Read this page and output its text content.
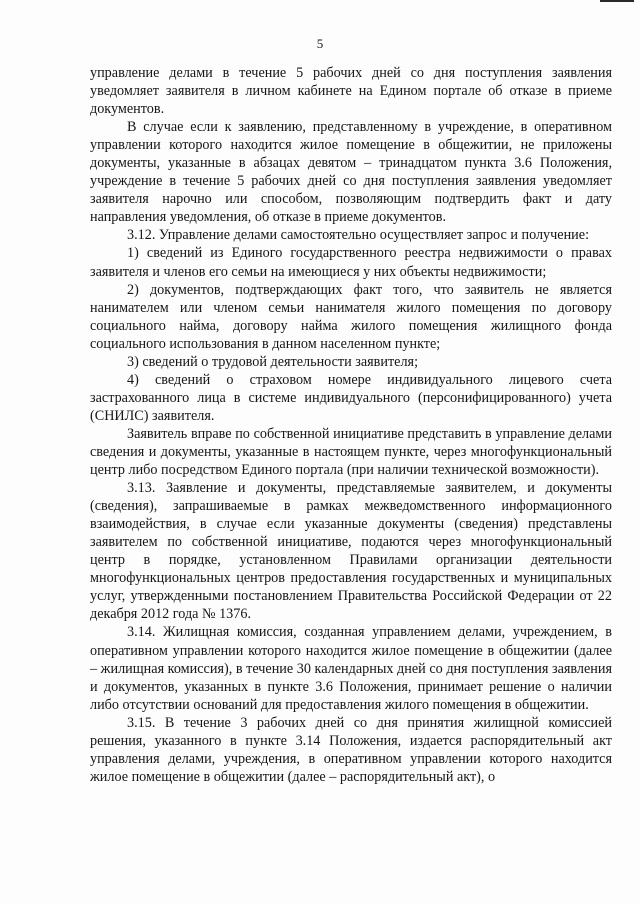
5

управление делами в течение 5 рабочих дней со дня поступления заявления уведомляет заявителя в личном кабинете на Едином портале об отказе в приеме документов.

В случае если к заявлению, представленному в учреждение, в оперативном управлении которого находится жилое помещение в общежитии, не приложены документы, указанные в абзацах девятом – тринадцатом пункта 3.6 Положения, учреждение в течение 5 рабочих дней со дня поступления заявления уведомляет заявителя нарочно или способом, позволяющим подтвердить факт и дату направления уведомления, об отказе в приеме документов.

3.12. Управление делами самостоятельно осуществляет запрос и получение:

1) сведений из Единого государственного реестра недвижимости о правах заявителя и членов его семьи на имеющиеся у них объекты недвижимости;

2) документов, подтверждающих факт того, что заявитель не является нанимателем или членом семьи нанимателя жилого помещения по договору социального найма, договору найма жилого помещения жилищного фонда социального использования в данном населенном пункте;

3) сведений о трудовой деятельности заявителя;

4) сведений о страховом номере индивидуального лицевого счета застрахованного лица в системе индивидуального (персонифицированного) учета (СНИЛС) заявителя.

Заявитель вправе по собственной инициативе представить в управление делами сведения и документы, указанные в настоящем пункте, через многофункциональный центр либо посредством Единого портала (при наличии технической возможности).

3.13. Заявление и документы, представляемые заявителем, и документы (сведения), запрашиваемые в рамках межведомственного информационного взаимодействия, в случае если указанные документы (сведения) представлены заявителем по собственной инициативе, подаются через многофункциональный центр в порядке, установленном Правилами организации деятельности многофункциональных центров предоставления государственных и муниципальных услуг, утвержденными постановлением Правительства Российской Федерации от 22 декабря 2012 года № 1376.

3.14. Жилищная комиссия, созданная управлением делами, учреждением, в оперативном управлении которого находится жилое помещение в общежитии (далее – жилищная комиссия), в течение 30 календарных дней со дня поступления заявления и документов, указанных в пункте 3.6 Положения, принимает решение о наличии либо отсутствии оснований для предоставления жилого помещения в общежитии.

3.15. В течение 3 рабочих дней со дня принятия жилищной комиссией решения, указанного в пункте 3.14 Положения, издается распорядительный акт управления делами, учреждения, в оперативном управлении которого находится жилое помещение в общежитии (далее – распорядительный акт), о
